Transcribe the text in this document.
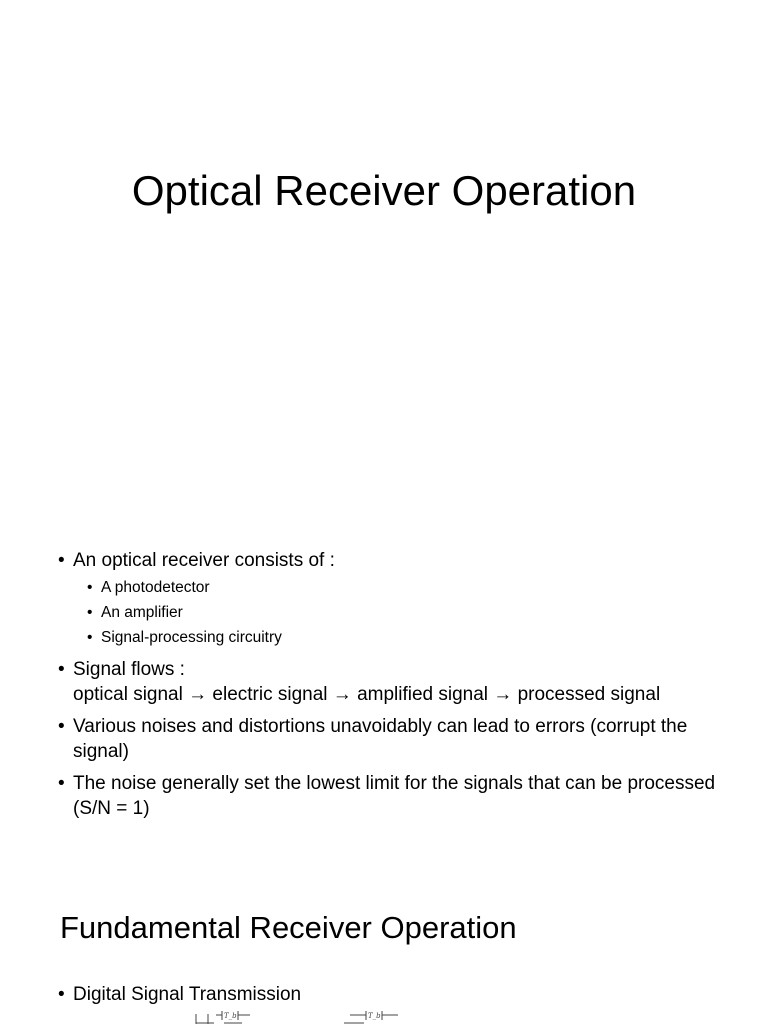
Optical Receiver Operation
• An optical receiver consists of :
• A photodetector
• An amplifier
• Signal-processing circuitry
• Signal flows :
optical signal → electric signal → amplified signal → processed signal
• Various noises and distortions unavoidably can lead to errors (corrupt the signal)
• The noise generally set the lowest limit for the signals that can be processed (S/N = 1)
Fundamental Receiver Operation
• Digital Signal Transmission
T_b	T_b
